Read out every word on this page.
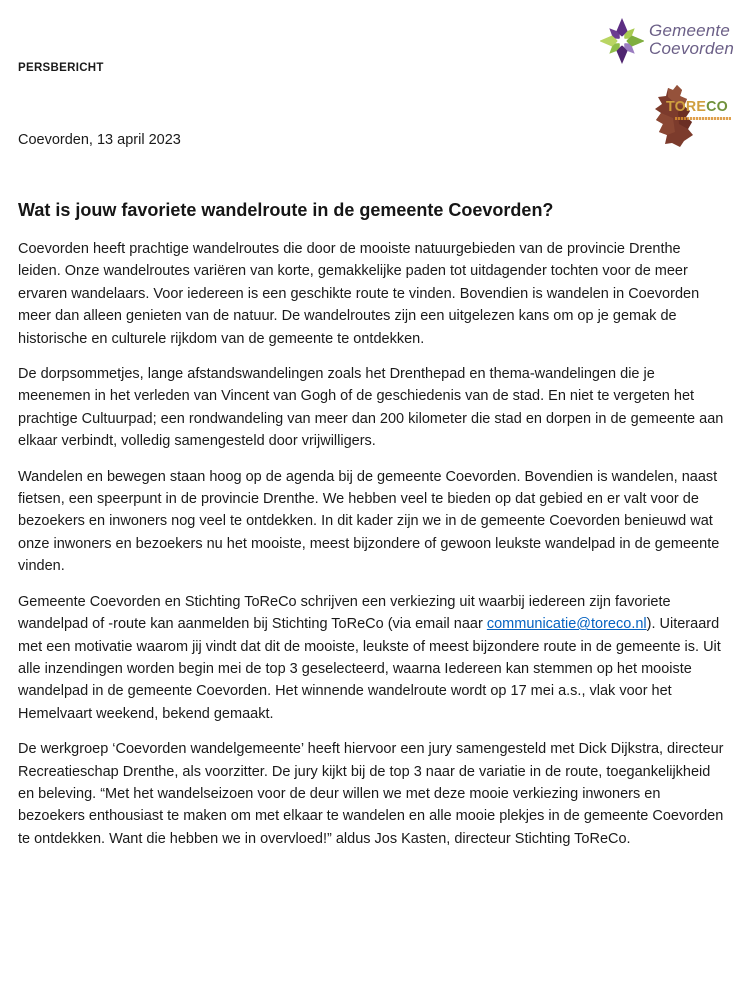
PERSBERICHT
Coevorden, 13 april 2023
Gemeente
Coevorden
TORECO
Wat is jouw favoriete wandelroute in de gemeente Coevorden?

Coevorden heeft prachtige wandelroutes die door de mooiste natuurgebieden van de provincie Drenthe leiden. Onze wandelroutes variëren van korte, gemakkelijke paden tot uitdagender tochten voor de meer ervaren wandelaars. Voor iedereen is een geschikte route te vinden. Bovendien is wandelen in Coevorden meer dan alleen genieten van de natuur. De wandelroutes zijn een uitgelezen kans om op je gemak de historische en culturele rijkdom van de gemeente te ontdekken.

De dorpsommetjes, lange afstandswandelingen zoals het Drenthepad en thema-wandelingen die je meenemen in het verleden van Vincent van Gogh of de geschiedenis van de stad. En niet te vergeten het prachtige Cultuurpad; een rondwandeling van meer dan 200 kilometer die stad en dorpen in de gemeente aan elkaar verbindt, volledig samengesteld door vrijwilligers.

Wandelen en bewegen staan hoog op de agenda bij de gemeente Coevorden. Bovendien is wandelen, naast fietsen, een speerpunt in de provincie Drenthe. We hebben veel te bieden op dat gebied en er valt voor de bezoekers en inwoners nog veel te ontdekken. In dit kader zijn we in de gemeente Coevorden benieuwd wat onze inwoners en bezoekers nu het mooiste, meest bijzondere of gewoon leukste wandelpad in de gemeente vinden.

Gemeente Coevorden en Stichting ToReCo schrijven een verkiezing uit waarbij iedereen zijn favoriete wandelpad of -route kan aanmelden bij Stichting ToReCo (via email naar communicatie@toreco.nl). Uiteraard met een motivatie waarom jij vindt dat dit de mooiste, leukste of meest bijzondere route in de gemeente is. Uit alle inzendingen worden begin mei de top 3 geselecteerd, waarna Iedereen kan stemmen op het mooiste wandelpad in de gemeente Coevorden. Het winnende wandelroute wordt op 17 mei a.s., vlak voor het Hemelvaart weekend, bekend gemaakt.

De werkgroep ‘Coevorden wandelgemeente’ heeft hiervoor een jury samengesteld met Dick Dijkstra, directeur Recreatieschap Drenthe, als voorzitter. De jury kijkt bij de top 3 naar de variatie in de route, toegankelijkheid en beleving. “Met het wandelseizoen voor de deur willen we met deze mooie verkiezing inwoners en bezoekers enthousiast te maken om met elkaar te wandelen en alle mooie plekjes in de gemeente Coevorden te ontdekken. Want die hebben we in overvloed!” aldus Jos Kasten, directeur Stichting ToReCo.
